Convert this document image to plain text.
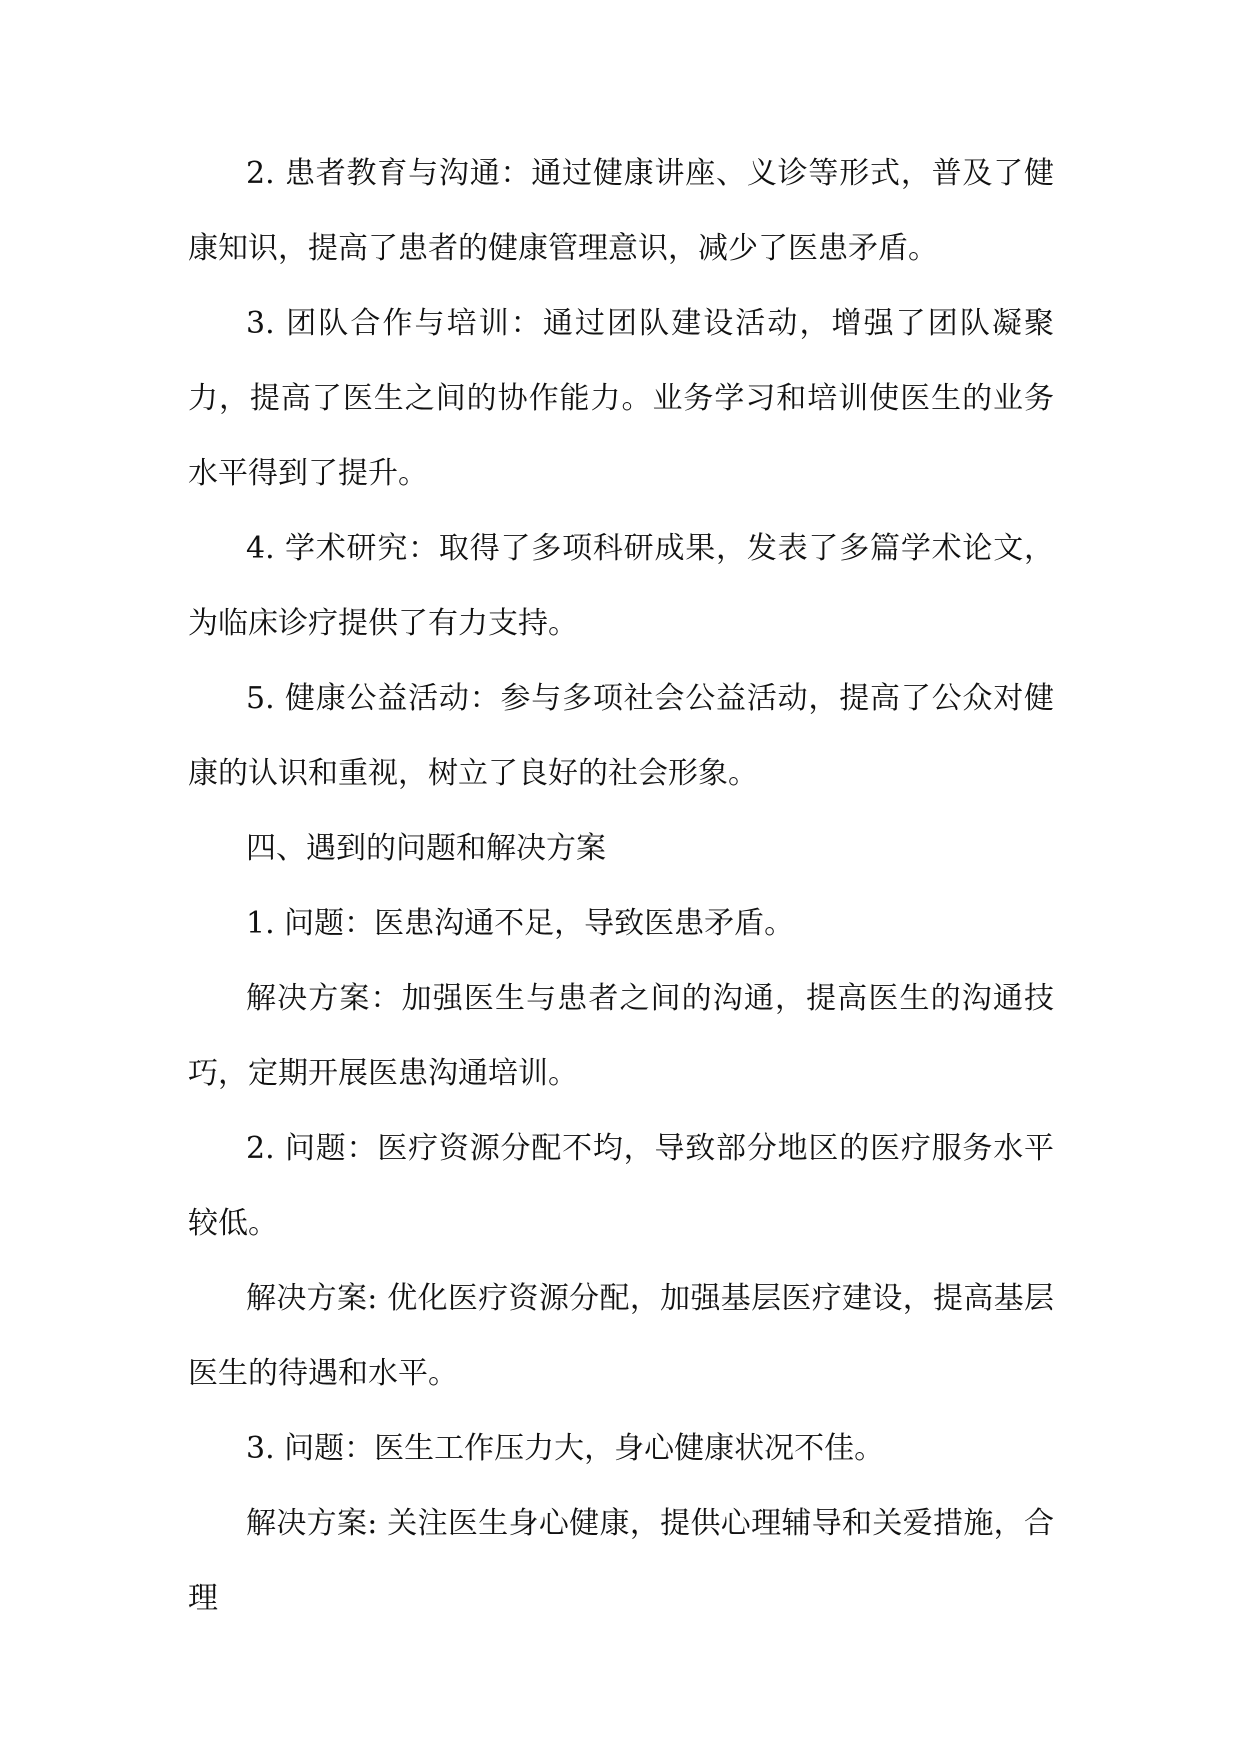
2. 患者教育与沟通：通过健康讲座、义诊等形式，普及了健康知识，提高了患者的健康管理意识，减少了医患矛盾。

3. 团队合作与培训：通过团队建设活动，增强了团队凝聚力，提高了医生之间的协作能力。业务学习和培训使医生的业务水平得到了提升。

4. 学术研究：取得了多项科研成果，发表了多篇学术论文，为临床诊疗提供了有力支持。

5. 健康公益活动：参与多项社会公益活动，提高了公众对健康的认识和重视，树立了良好的社会形象。

四、遇到的问题和解决方案

1. 问题：医患沟通不足，导致医患矛盾。

解决方案：加强医生与患者之间的沟通，提高医生的沟通技巧，定期开展医患沟通培训。

2. 问题：医疗资源分配不均，导致部分地区的医疗服务水平较低。

解决方案: 优化医疗资源分配，加强基层医疗建设，提高基层医生的待遇和水平。

3. 问题：医生工作压力大，身心健康状况不佳。

解决方案: 关注医生身心健康，提供心理辅导和关爱措施，合理
